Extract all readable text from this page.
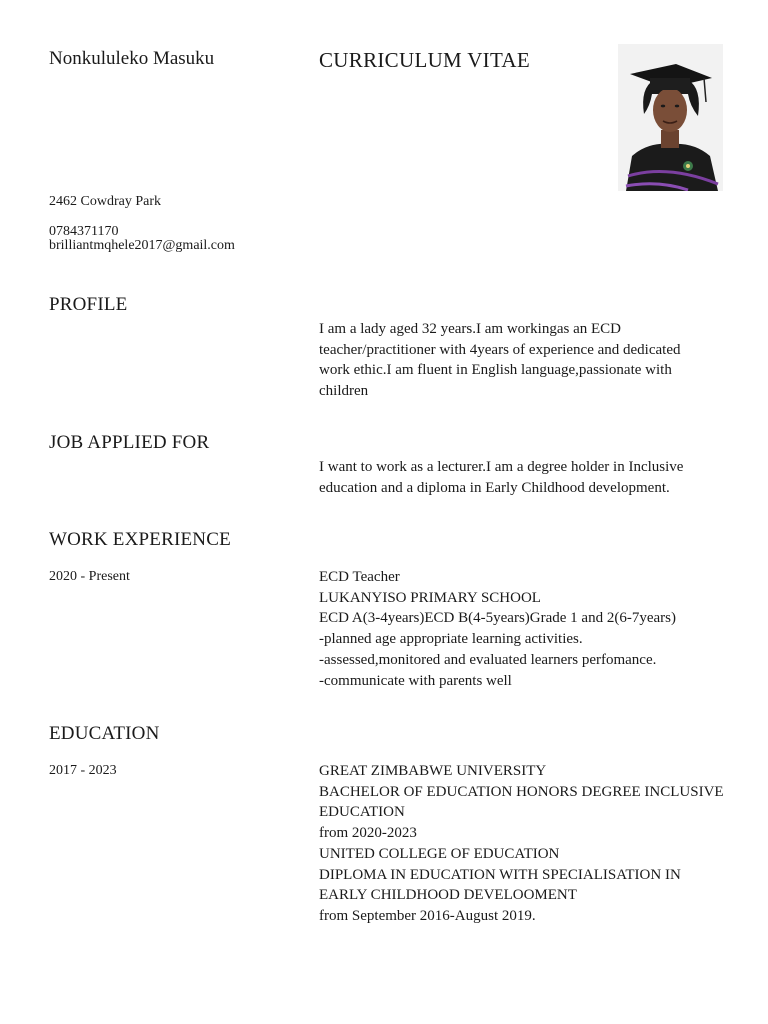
Nonkululeko Masuku	CURRICULUM VITAE
2462 Cowdray Park
0784371170
brilliantmqhele2017@gmail.com
PROFILE
I am a lady aged 32 years.I am workingas an ECD
teacher/practitioner with 4years of experience and dedicated
work ethic.I am fluent in English language,passionate with
children
JOB APPLIED FOR
I want to work as a lecturer.I am a degree holder in Inclusive
education and a diploma in Early Childhood development.
WORK EXPERIENCE
2020 - Present	ECD Teacher
LUKANYISO PRIMARY SCHOOL
ECD A(3-4years)ECD B(4-5years)Grade 1 and 2(6-7years)
-planned age appropriate learning activities.
-assessed,monitored and evaluated learners perfomance.
-communicate with parents well
EDUCATION
2017 - 2023	GREAT ZIMBABWE UNIVERSITY
BACHELOR OF EDUCATION HONORS DEGREE INCLUSIVE
EDUCATION
from 2020-2023
UNITED COLLEGE OF EDUCATION
DIPLOMA IN EDUCATION WITH SPECIALISATION IN
EARLY CHILDHOOD DEVELOOMENT
from September 2016-August 2019.
